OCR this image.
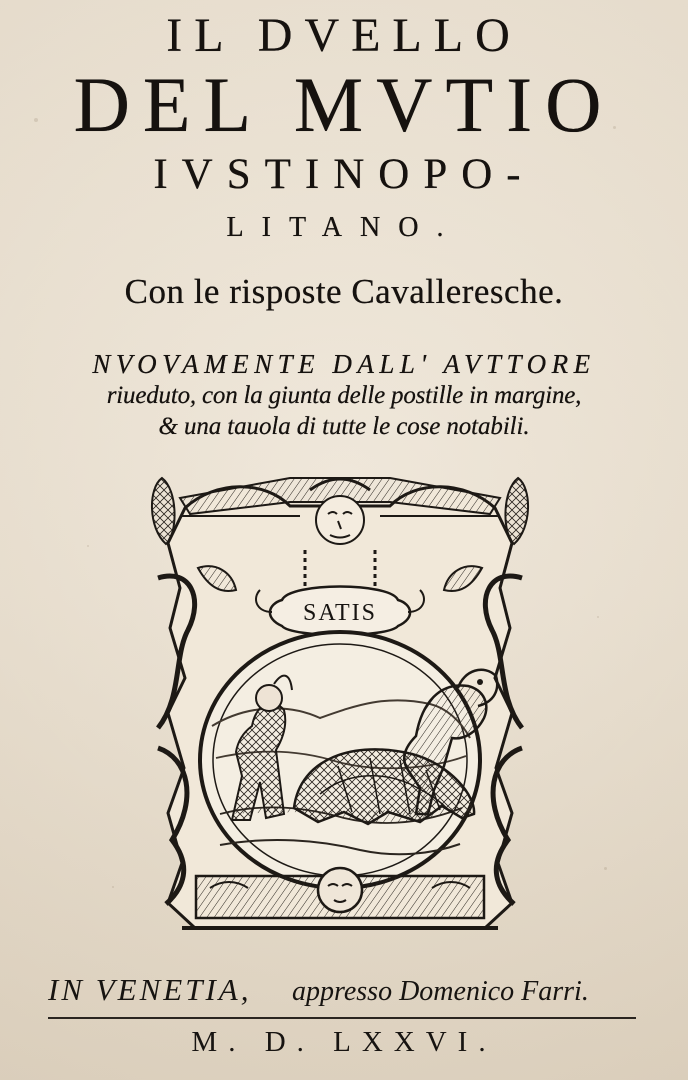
IL DVELLO
DEL MVTIO
IVSTINOPO-
LITANO.
Con le risposte Cavalleresche.
NVOVAMENTE DALL' AVTTORE
riueduto, con la giunta delle postille in margine,
& una tauola di tutte le cose notabili.
SATIS
IN VENETIA, appresso Domenico Farri.
M. D. LXXVI.
